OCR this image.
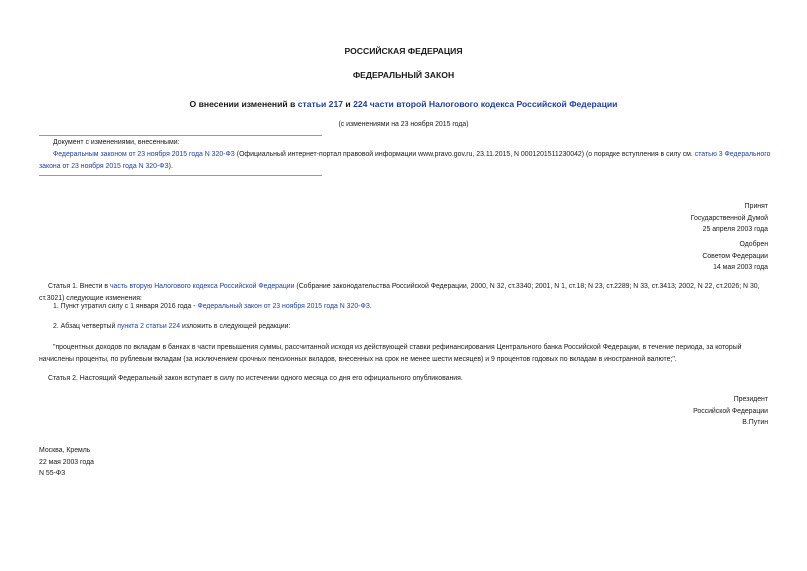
РОССИЙСКАЯ ФЕДЕРАЦИЯ
ФЕДЕРАЛЬНЫЙ ЗАКОН
О внесении изменений в статьи 217 и 224 части второй Налогового кодекса Российской Федерации
(с изменениями на 23 ноября 2015 года)
Документ с изменениями, внесенными:
Федеральным законом от 23 ноября 2015 года N 320-ФЗ (Официальный интернет-портал правовой информации www.pravo.gov.ru, 23.11.2015, N 0001201511230042) (о порядке вступления в силу см. статью 3 Федерального закона от 23 ноября 2015 года N 320-ФЗ).
Принят
Государственной Думой
25 апреля 2003 года
Одобрен
Советом Федерации
14 мая 2003 года
Статья 1. Внести в часть вторую Налогового кодекса Российской Федерации (Собрание законодательства Российской Федерации, 2000, N 32, ст.3340; 2001, N 1, ст.18; N 23, ст.2289; N 33, ст.3413; 2002, N 22, ст.2026; N 30, ст.3021) следующие изменения:
1. Пункт утратил силу с 1 января 2016 года - Федеральный закон от 23 ноября 2015 года N 320-ФЗ.
2. Абзац четвертый пункта 2 статьи 224 изложить в следующей редакции:
"процентных доходов по вкладам в банках в части превышения суммы, рассчитанной исходя из действующей ставки рефинансирования Центрального банка Российской Федерации, в течение периода, за который начислены проценты, по рублевым вкладам (за исключением срочных пенсионных вкладов, внесенных на срок не менее шести месяцев) и 9 процентов годовых по вкладам в иностранной валюте;".
Статья 2. Настоящий Федеральный закон вступает в силу по истечении одного месяца со дня его официального опубликования.
Президент
Российской Федерации
В.Путин
Москва, Кремль
22 мая 2003 года
N 55-ФЗ
